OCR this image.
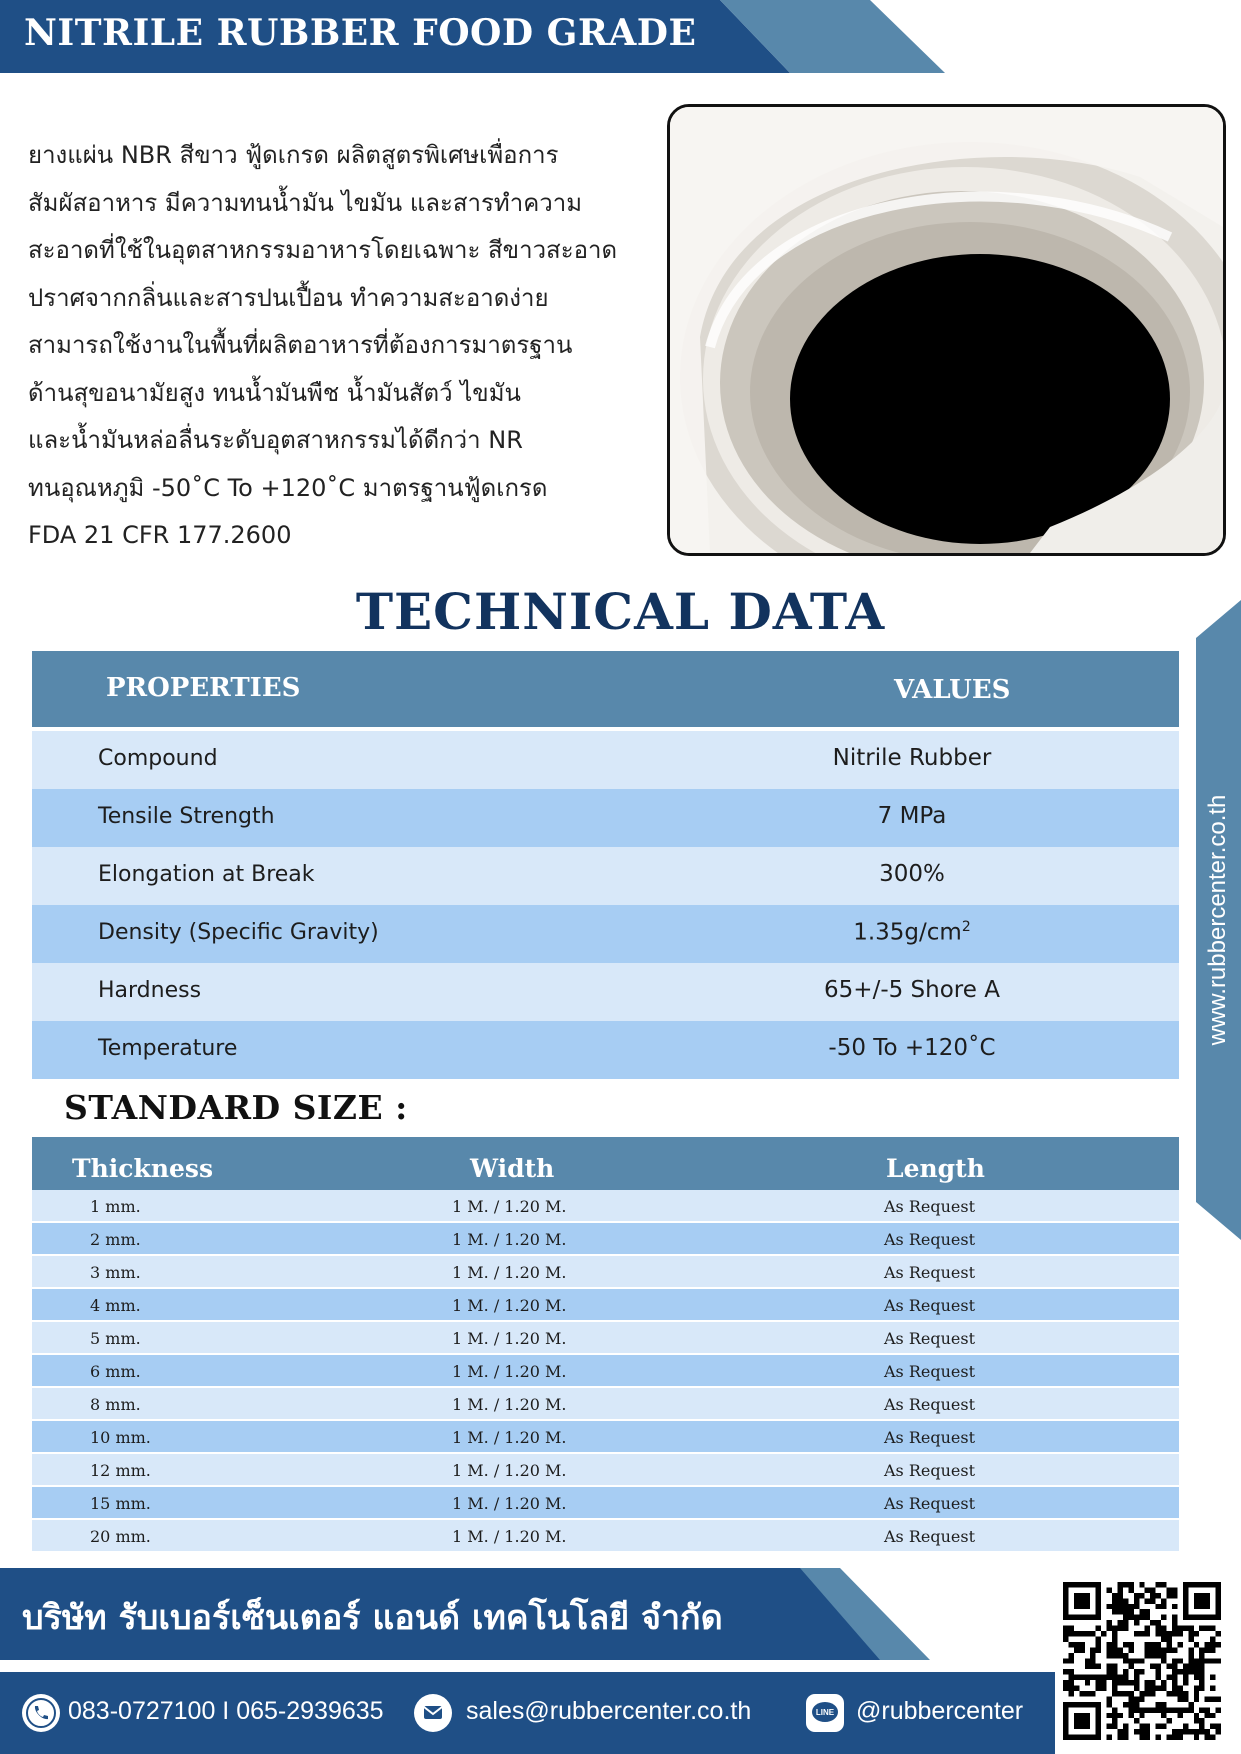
NITRILE RUBBER FOOD GRADE
ยางแผ่น NBR สีขาว ฟู้ดเกรด ผลิตสูตรพิเศษเพื่อการ
สัมผัสอาหาร มีความทนน้ำมัน ไขมัน และสารทำความ
สะอาดที่ใช้ในอุตสาหกรรมอาหารโดยเฉพาะ สีขาวสะอาด
ปราศจากกลิ่นและสารปนเปื้อน ทำความสะอาดง่าย
สามารถใช้งานในพื้นที่ผลิตอาหารที่ต้องการมาตรฐาน
ด้านสุขอนามัยสูง ทนน้ำมันพืช น้ำมันสัตว์ ไขมัน
และน้ำมันหล่อลื่นระดับอุตสาหกรรมได้ดีกว่า NR
ทนอุณหภูมิ -50˚C To +120˚C มาตรฐานฟู้ดเกรด
FDA 21 CFR 177.2600
TECHNICAL DATA
PROPERTIES	VALUES
Compound	Nitrile Rubber
Tensile Strength	7 MPa
Elongation at Break	300%
Density (Specific Gravity)	$1.35g/cm^2$
Hardness	65+/-5 Shore A
Temperature	-50 To +120˚C
STANDARD SIZE :
Thickness	Width	Length
1 mm.	1 M. / 1.20 M.	As Request
2 mm.	1 M. / 1.20 M.	As Request
3 mm.	1 M. / 1.20 M.	As Request
4 mm.	1 M. / 1.20 M.	As Request
5 mm.	1 M. / 1.20 M.	As Request
6 mm.	1 M. / 1.20 M.	As Request
8 mm.	1 M. / 1.20 M.	As Request
10 mm.	1 M. / 1.20 M.	As Request
12 mm.	1 M. / 1.20 M.	As Request
15 mm.	1 M. / 1.20 M.	As Request
20 mm.	1 M. / 1.20 M.	As Request
www.rubbercenter.co.th
บริษัท รับเบอร์เซ็นเตอร์ แอนด์ เทคโนโลยี จำกัด
083-0727100 I 065-2939635	sales@rubbercenter.co.th	LINE @rubbercenter
